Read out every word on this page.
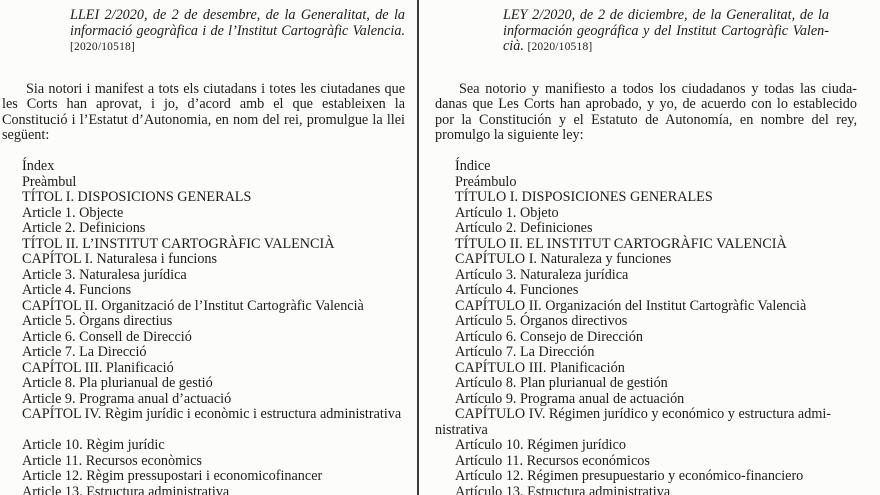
LLEI 2/2020, de 2 de desembre, de la Generalitat, de la informació geogràfica i de l’Institut Cartogràfic Valencia. [2020/10518]

Sia notori i manifest a tots els ciutadans i totes les ciutadanes que les Corts han aprovat, i jo, d’acord amb el que estableixen la Constitució i l’Estatut d’Autonomia, en nom del rei, promulgue la llei següent:

Índex
Preàmbul
TÍTOL I. DISPOSICIONS GENERALS
Article 1. Objecte
Article 2. Definicions
TÍTOL II. L’INSTITUT CARTOGRÀFIC VALENCIÀ
CAPÍTOL I. Naturalesa i funcions
Article 3. Naturalesa jurídica
Article 4. Funcions
CAPÍTOL II. Organització de l’Institut Cartogràfic Valencià
Article 5. Òrgans directius
Article 6. Consell de Direcció
Article 7. La Direcció
CAPÍTOL III. Planificació
Article 8. Pla plurianual de gestió
Article 9. Programa anual d’actuació
CAPÍTOL IV. Règim jurídic i econòmic i estructura administrativa
Article 10. Règim jurídic
Article 11. Recursos econòmics
Article 12. Règim pressupostari i economicofinancer
Article 13. Estructura administrativa

LEY 2/2020, de 2 de diciembre, de la Generalitat, de la información geográfica y del Institut Cartogràfic Valencià. [2020/10518]

Sea notorio y manifiesto a todos los ciudadanos y todas las ciudadanas que Les Corts han aprobado, y yo, de acuerdo con lo establecido por la Constitución y el Estatuto de Autonomía, en nombre del rey, promulgo la siguiente ley:

Índice
Preámbulo
TÍTULO I. DISPOSICIONES GENERALES
Artículo 1. Objeto
Artículo 2. Definiciones
TÍTULO II. EL INSTITUT CARTOGRÀFIC VALENCIÀ
CAPÍTULO I. Naturaleza y funciones
Artículo 3. Naturaleza jurídica
Artículo 4. Funciones
CAPÍTULO II. Organización del Institut Cartogràfic Valencià
Artículo 5. Órganos directivos
Artículo 6. Consejo de Dirección
Artículo 7. La Dirección
CAPÍTULO III. Planificación
Artículo 8. Plan plurianual de gestión
Artículo 9. Programa anual de actuación
CAPÍTULO IV. Régimen jurídico y económico y estructura admi-
nistrativa
Artículo 10. Régimen jurídico
Artículo 11. Recursos económicos
Artículo 12. Régimen presupuestario y económico-financiero
Artículo 13. Estructura administrativa
